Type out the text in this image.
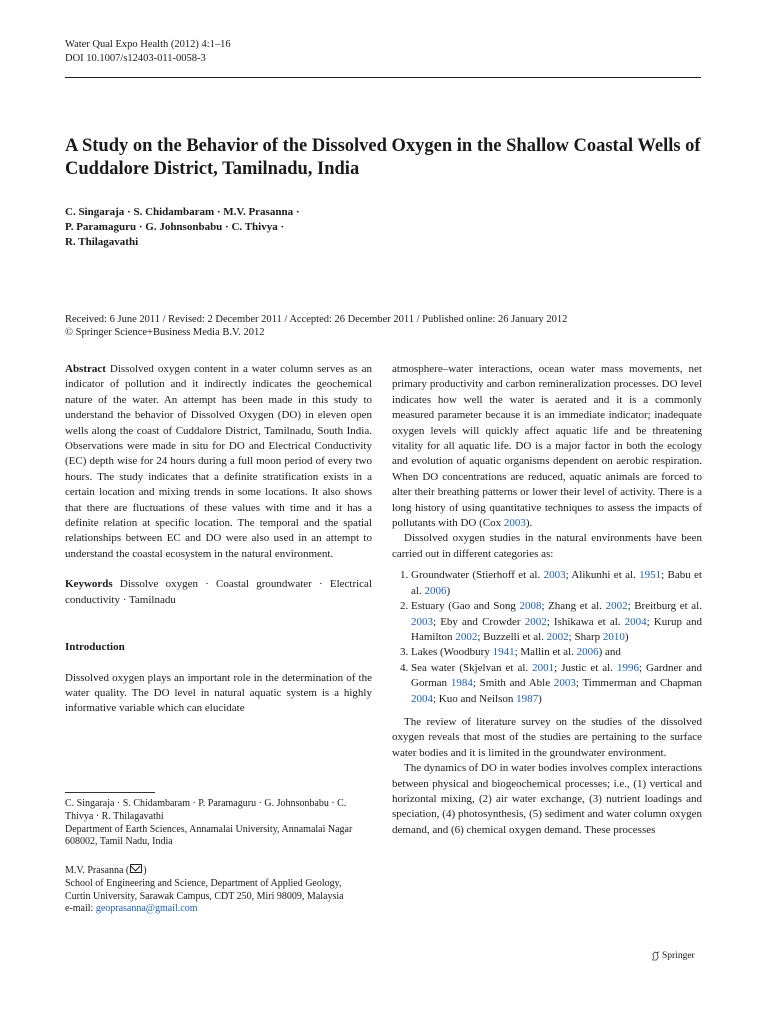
Water Qual Expo Health (2012) 4:1–16
DOI 10.1007/s12403-011-0058-3
A Study on the Behavior of the Dissolved Oxygen in the Shallow Coastal Wells of Cuddalore District, Tamilnadu, India
C. Singaraja · S. Chidambaram · M.V. Prasanna ·
P. Paramaguru · G. Johnsonbabu · C. Thivya ·
R. Thilagavathi
Received: 6 June 2011 / Revised: 2 December 2011 / Accepted: 26 December 2011 / Published online: 26 January 2012
© Springer Science+Business Media B.V. 2012

Abstract Dissolved oxygen content in a water column serves as an indicator of pollution and it indirectly indicates the geochemical nature of the water. An attempt has been made in this study to understand the behavior of Dissolved Oxygen (DO) in eleven open wells along the coast of Cuddalore District, Tamilnadu, South India. Observations were made in situ for DO and Electrical Conductivity (EC) depth wise for 24 hours during a full moon period of every two hours. The study indicates that a definite stratification exists in a certain location and mixing trends in some locations. It also shows that there are fluctuations of these values with time and it has a definite relation at specific location. The temporal and the spatial relationships between EC and DO were also used in an attempt to understand the coastal ecosystem in the natural environment.

Keywords Dissolve oxygen · Coastal groundwater · Electrical conductivity · Tamilnadu

Introduction

Dissolved oxygen plays an important role in the determination of the water quality. The DO level in natural aquatic system is a highly informative variable which can elucidate

atmosphere–water interactions, ocean water mass movements, net primary productivity and carbon remineralization processes. DO level indicates how well the water is aerated and it is a commonly measured parameter because it is an immediate indicator; inadequate oxygen levels will quickly affect aquatic life and be threatening vitality for all aquatic life. DO is a major factor in both the ecology and evolution of aquatic organisms dependent on aerobic respiration. When DO concentrations are reduced, aquatic animals are forced to alter their breathing patterns or lower their level of activity. There is a long history of using quantitative techniques to assess the impacts of pollutants with DO (Cox 2003).

Dissolved oxygen studies in the natural environments have been carried out in different categories as:

1. Groundwater (Stierhoff et al. 2003; Alikunhi et al. 1951; Babu et al. 2006)
2. Estuary (Gao and Song 2008; Zhang et al. 2002; Breitburg et al. 2003; Eby and Crowder 2002; Ishikawa et al. 2004; Kurup and Hamilton 2002; Buzzelli et al. 2002; Sharp 2010)
3. Lakes (Woodbury 1941; Mallin et al. 2006) and
4. Sea water (Skjelvan et al. 2001; Justic et al. 1996; Gardner and Gorman 1984; Smith and Able 2003; Timmerman and Chapman 2004; Kuo and Neilson 1987)

The review of literature survey on the studies of the dissolved oxygen reveals that most of the studies are pertaining to the surface water bodies and it is limited in the groundwater environment.

The dynamics of DO in water bodies involves complex interactions between physical and biogeochemical processes; i.e., (1) vertical and horizontal mixing, (2) air water exchange, (3) nutrient loadings and speciation, (4) photosynthesis, (5) sediment and water column oxygen demand, and (6) chemical oxygen demand. These processes

C. Singaraja · S. Chidambaram · P. Paramaguru · G. Johnsonbabu · C. Thivya · R. Thilagavathi
Department of Earth Sciences, Annamalai University, Annamalai Nagar 608002, Tamil Nadu, India
M.V. Prasanna ( )
School of Engineering and Science, Department of Applied Geology, Curtin University, Sarawak Campus, CDT 250, Miri 98009, Malaysia
e-mail: geoprasanna@gmail.com
Springer
